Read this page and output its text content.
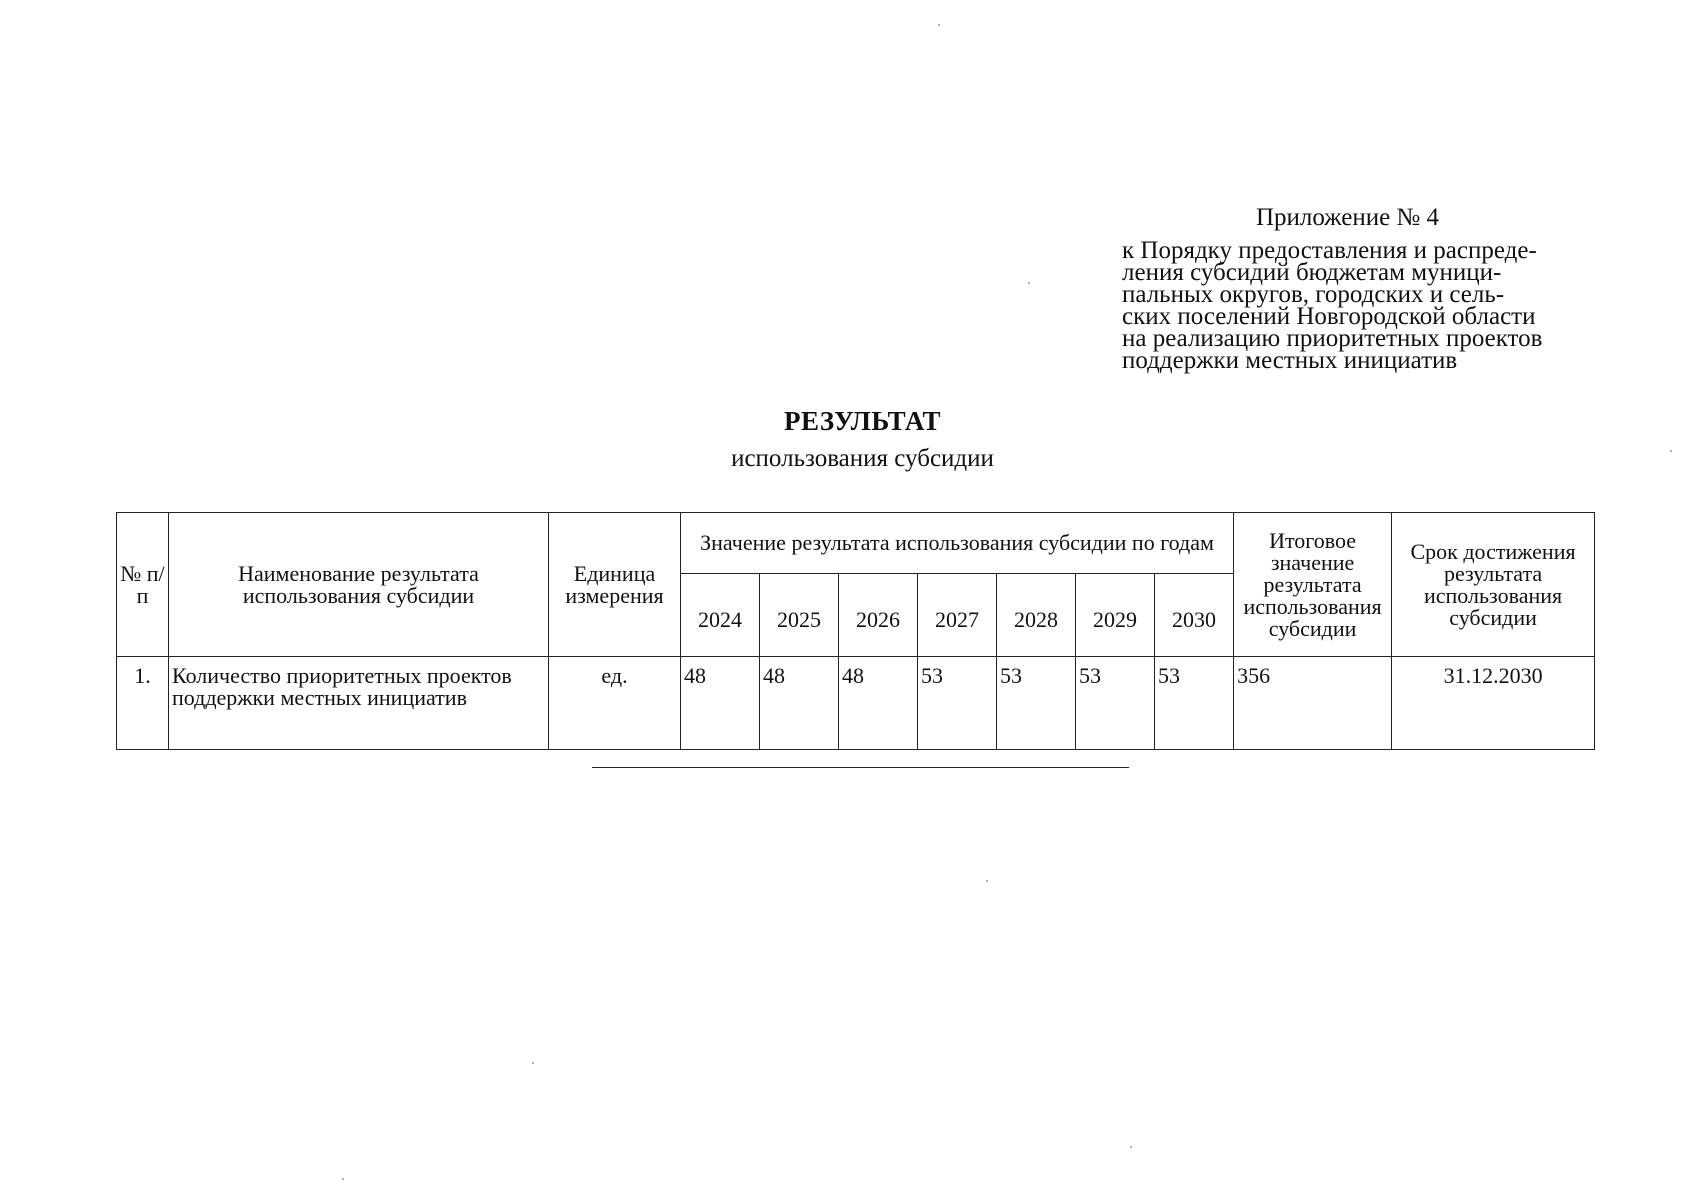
Приложение № 4
к Порядку предоставления и распреде-
ления субсидий бюджетам муници-
пальных округов, городских и сель-
ских поселений Новгородской области
на реализацию приоритетных проектов
поддержки местных инициатив
РЕЗУЛЬТАТ
использования субсидии
№ п/п	Наименование результата использования субсидии	Единица измерения	Значение результата использования субсидии по годам							Итоговое значение результата использования субсидии	Срок достижения результата использования субсидии
			2024	2025	2026	2027	2028	2029	2030		
1.	Количество приоритетных проектов поддержки местных инициатив	ед.	48	48	48	53	53	53	53	356	31.12.2030
